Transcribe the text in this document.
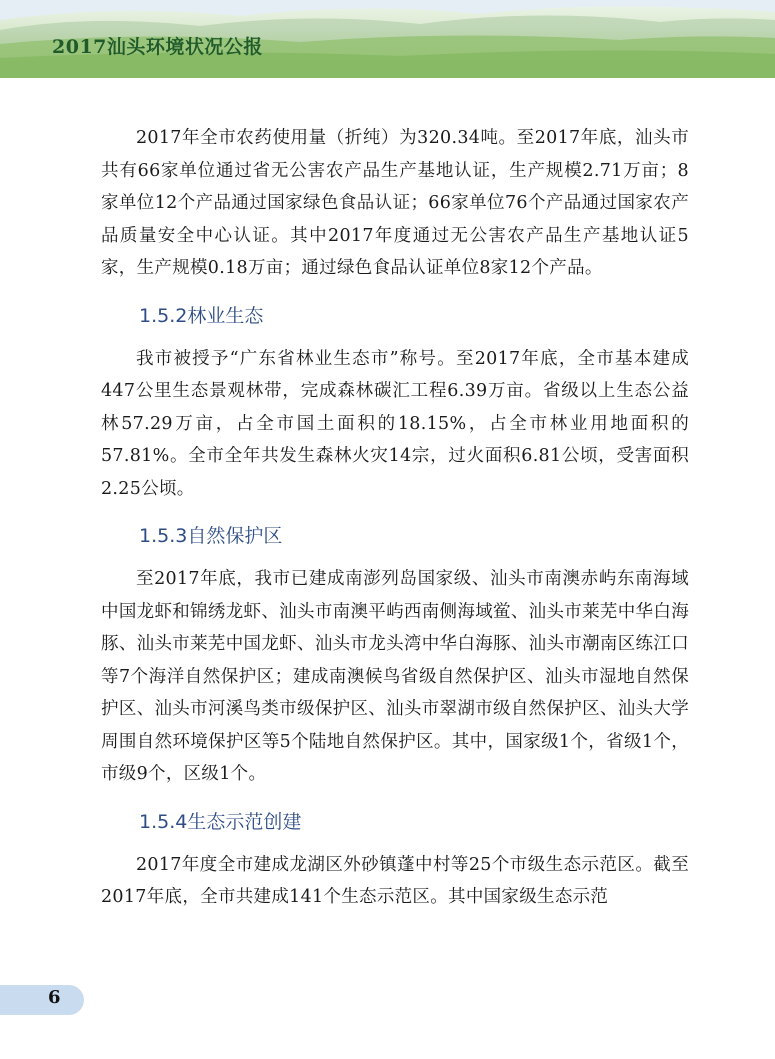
2017汕头环境状况公报

2017年全市农药使用量（折纯）为320.34吨。至2017年底，汕头市共有66家单位通过省无公害农产品生产基地认证，生产规模2.71万亩；8家单位12个产品通过国家绿色食品认证；66家单位76个产品通过国家农产品质量安全中心认证。其中2017年度通过无公害农产品生产基地认证5家，生产规模0.18万亩；通过绿色食品认证单位8家12个产品。

1.5.2林业生态

我市被授予“广东省林业生态市”称号。至2017年底，全市基本建成447公里生态景观林带，完成森林碳汇工程6.39万亩。省级以上生态公益林57.29万亩，占全市国土面积的18.15%，占全市林业用地面积的57.81%。全市全年共发生森林火灾14宗，过火面积6.81公顷，受害面积2.25公顷。

1.5.3自然保护区

至2017年底，我市已建成南澎列岛国家级、汕头市南澳赤屿东南海域中国龙虾和锦绣龙虾、汕头市南澳平屿西南侧海域鲎、汕头市莱芜中华白海豚、汕头市莱芜中国龙虾、汕头市龙头湾中华白海豚、汕头市潮南区练江口等7个海洋自然保护区；建成南澳候鸟省级自然保护区、汕头市湿地自然保护区、汕头市河溪鸟类市级保护区、汕头市翠湖市级自然保护区、汕头大学周围自然环境保护区等5个陆地自然保护区。其中，国家级1个，省级1个，市级9个，区级1个。

1.5.4生态示范创建

2017年度全市建成龙湖区外砂镇蓬中村等25个市级生态示范区。截至2017年底，全市共建成141个生态示范区。其中国家级生态示范

6
